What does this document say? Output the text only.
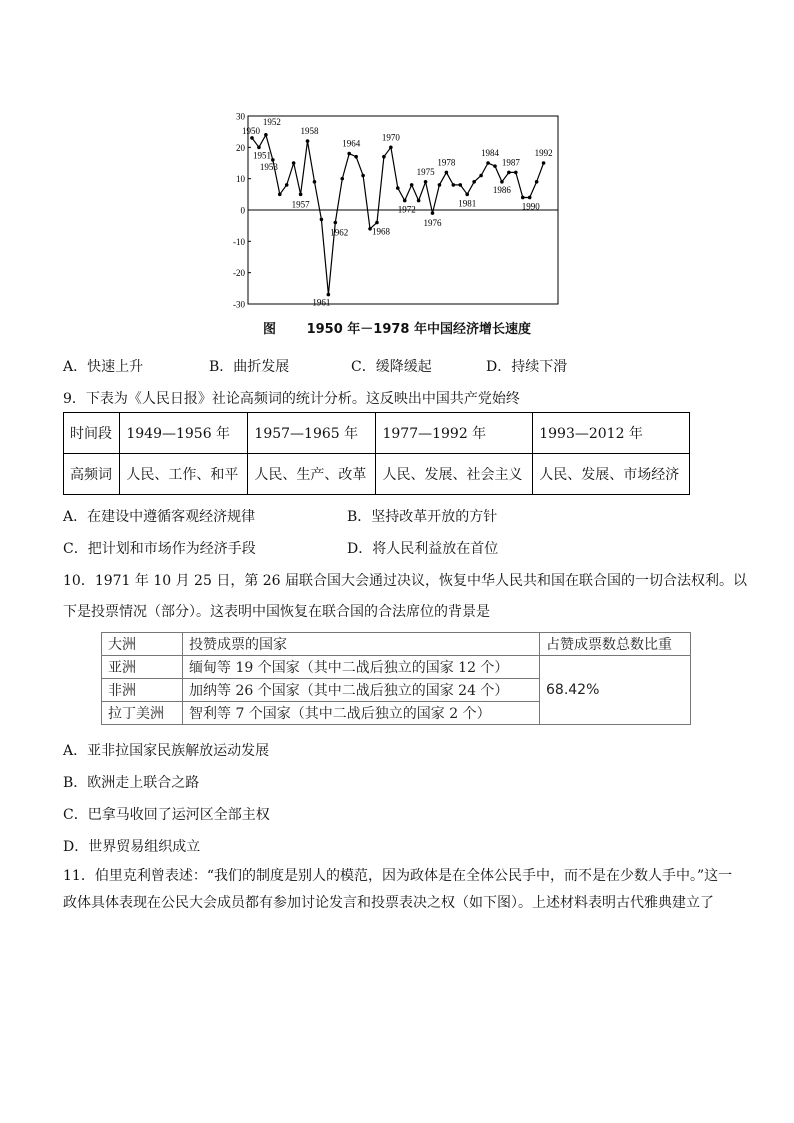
30
20
10
0
-10
-20
-30
1950
1951
1952
1953
1957
1958
1961
1962
1964
1968
1970
1972
1975
1976
1978
1981
1984
1986
1987
1990
1992
图 1950 年－1978 年中国经济增长速度
A．快速上升	B．曲折发展	C．缓降缓起	D．持续下滑
9．下表为《人民日报》社论高频词的统计分析。这反映出中国共产党始终
时间段	1949—1956 年	1957—1965 年	1977—1992 年	1993—2012 年
高频词	人民、工作、和平	人民、生产、改革	人民、发展、社会主义	人民、发展、市场经济
A．在建设中遵循客观经济规律	B．坚持改革开放的方针
C．把计划和市场作为经济手段	D．将人民利益放在首位
10．1971 年 10 月 25 日，第 26 届联合国大会通过决议，恢复中华人民共和国在联合国的一切合法权利。以
下是投票情况（部分）。这表明中国恢复在联合国的合法席位的背景是
大洲	投赞成票的国家	占赞成票数总数比重
亚洲	缅甸等 19 个国家（其中二战后独立的国家 12 个）	68.42%
非洲	加纳等 26 个国家（其中二战后独立的国家 24 个）	
拉丁美洲	智利等 7 个国家（其中二战后独立的国家 2 个）	
A．亚非拉国家民族解放运动发展
B．欧洲走上联合之路
C．巴拿马收回了运河区全部主权
D．世界贸易组织成立
11．伯里克利曾表述：“我们的制度是别人的模范，因为政体是在全体公民手中，而不是在少数人手中。”这一政体具体表现在公民大会成员都有参加讨论发言和投票表决之权（如下图）。上述材料表明古代雅典建立了
